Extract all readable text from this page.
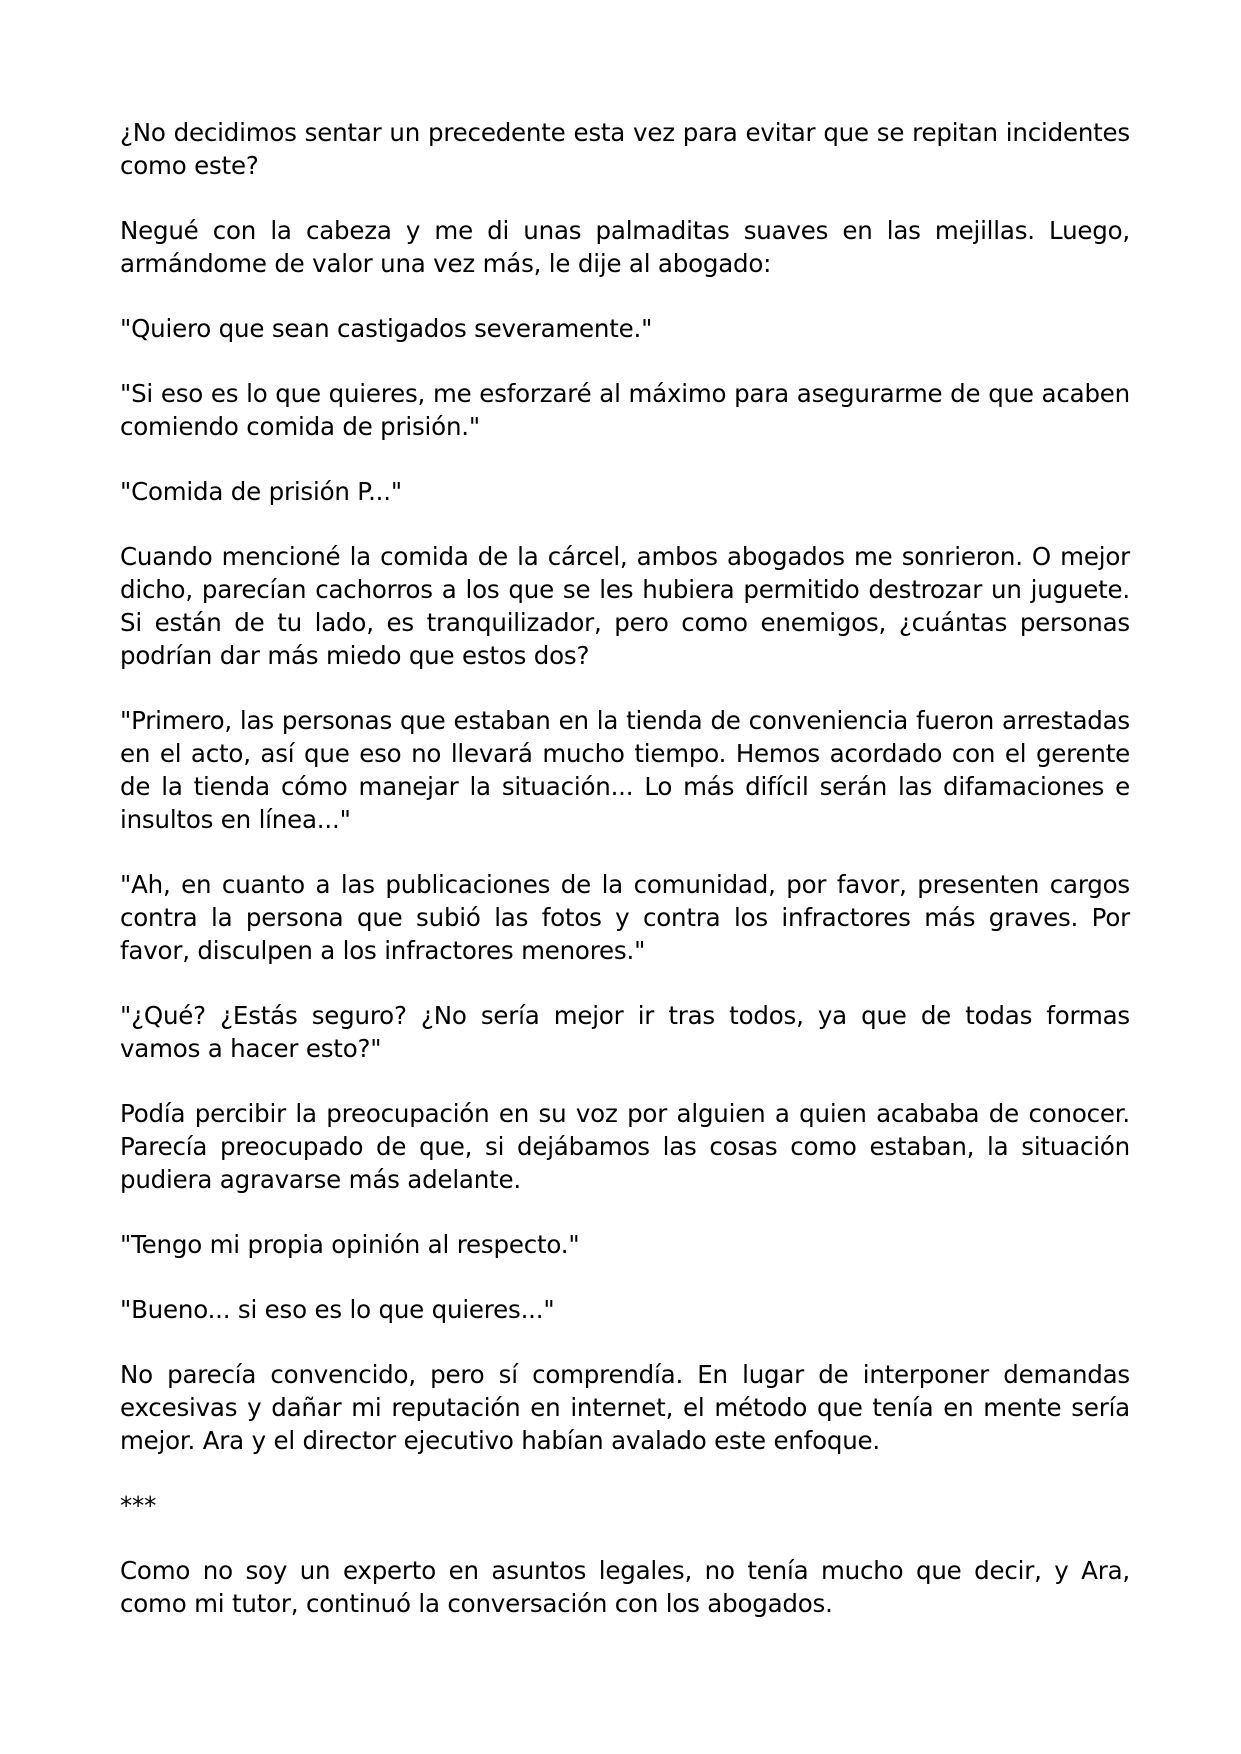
¿No decidimos sentar un precedente esta vez para evitar que se repitan incidentes como este?

Negué con la cabeza y me di unas palmaditas suaves en las mejillas. Luego, armándome de valor una vez más, le dije al abogado:

"Quiero que sean castigados severamente."

"Si eso es lo que quieres, me esforzaré al máximo para asegurarme de que acaben comiendo comida de prisión."

"Comida de prisión P..."

Cuando mencioné la comida de la cárcel, ambos abogados me sonrieron. O mejor dicho, parecían cachorros a los que se les hubiera permitido destrozar un juguete. Si están de tu lado, es tranquilizador, pero como enemigos, ¿cuántas personas podrían dar más miedo que estos dos?

"Primero, las personas que estaban en la tienda de conveniencia fueron arrestadas en el acto, así que eso no llevará mucho tiempo. Hemos acordado con el gerente de la tienda cómo manejar la situación... Lo más difícil serán las difamaciones e insultos en línea..."

"Ah, en cuanto a las publicaciones de la comunidad, por favor, presenten cargos contra la persona que subió las fotos y contra los infractores más graves. Por favor, disculpen a los infractores menores."

"¿Qué? ¿Estás seguro? ¿No sería mejor ir tras todos, ya que de todas formas vamos a hacer esto?"

Podía percibir la preocupación en su voz por alguien a quien acababa de conocer. Parecía preocupado de que, si dejábamos las cosas como estaban, la situación pudiera agravarse más adelante.

"Tengo mi propia opinión al respecto."

"Bueno... si eso es lo que quieres..."

No parecía convencido, pero sí comprendía. En lugar de interponer demandas excesivas y dañar mi reputación en internet, el método que tenía en mente sería mejor. Ara y el director ejecutivo habían avalado este enfoque.

***

Como no soy un experto en asuntos legales, no tenía mucho que decir, y Ara, como mi tutor, continuó la conversación con los abogados.
